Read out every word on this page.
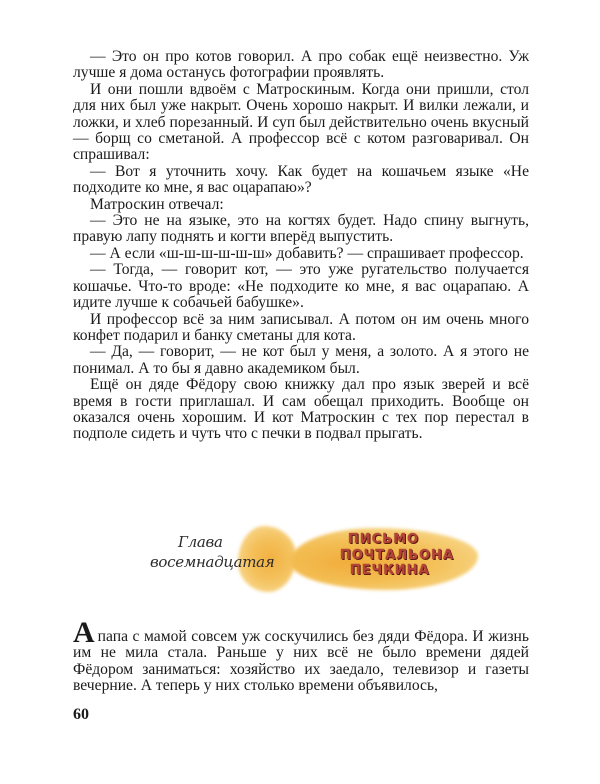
— Это он про котов говорил. А про собак ещё неизвестно. Уж лучше я дома останусь фотографии проявлять.

И они пошли вдвоём с Матроскиным. Когда они пришли, стол для них был уже накрыт. Очень хорошо накрыт. И вилки лежали, и ложки, и хлеб порезанный. И суп был действительно очень вкусный — борщ со сметаной. А профессор всё с котом разговаривал. Он спрашивал:

— Вот я уточнить хочу. Как будет на кошачьем языке «Не подходите ко мне, я вас оцарапаю»?

Матроскин отвечал:

— Это не на языке, это на когтях будет. Надо спину выгнуть, правую лапу поднять и когти вперёд выпустить.

— А если «ш-ш-ш-ш-ш-ш» добавить? — спрашивает профессор.

— Тогда, — говорит кот, — это уже ругательство получается кошачье. Что-то вроде: «Не подходите ко мне, я вас оцарапаю. А идите лучше к собачьей бабушке».

И профессор всё за ним записывал. А потом он им очень много конфет подарил и банку сметаны для кота.

— Да, — говорит, — не кот был у меня, а золото. А я этого не понимал. А то бы я давно академиком был.

Ещё он дяде Фёдору свою книжку дал про язык зверей и всё время в гости приглашал. И сам обещал приходить. Вообще он оказался очень хорошим. И кот Матроскин с тех пор перестал в подполе сидеть и чуть что с печки в подвал прыгать.

Глава
восемнадцатая
ПИСЬМО
ПОЧТАЛЬОНА
ПЕЧКИНА

Апапа с мамой совсем уж соскучились без дяди Фёдора. И жизнь им не мила стала. Раньше у них всё не было времени дядей Фёдором заниматься: хозяйство их заедало, телевизор и газеты вечерние. А теперь у них столько времени объявилось,

60
